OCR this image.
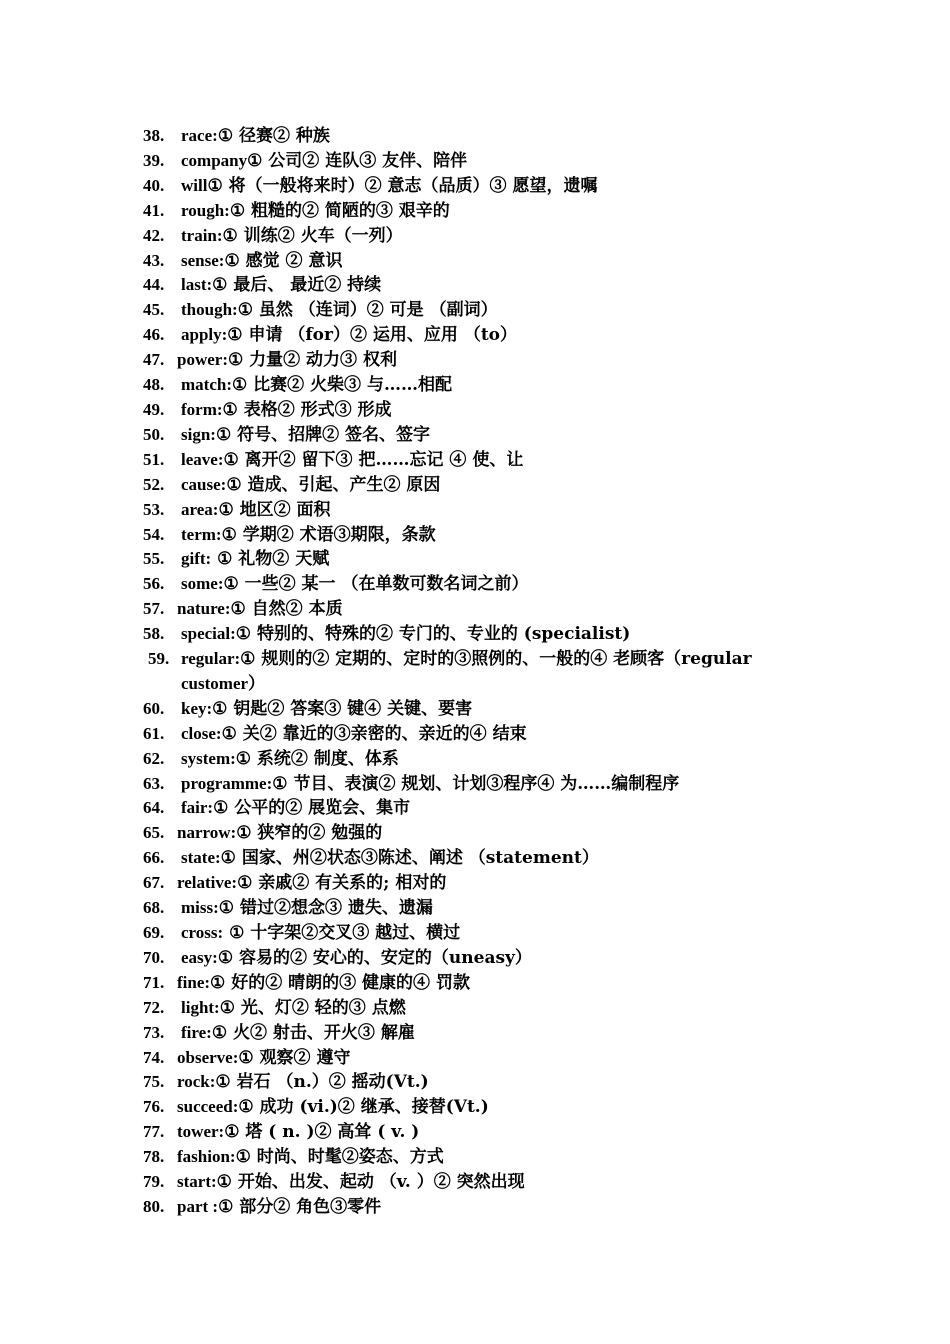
38. race:① 径赛② 种族
39. company① 公司② 连队③ 友伴、陪伴
40. will① 将（一般将来时）② 意志（品质）③ 愿望，遗嘱
41. rough:① 粗糙的② 简陋的③ 艰辛的
42. train:① 训练② 火车（一列）
43. sense:① 感觉 ② 意识
44. last:① 最后、 最近② 持续
45. though:① 虽然 （连词）② 可是 （副词）
46. apply:① 申请 （for）② 运用、应用 （to）
47. power:① 力量② 动力③ 权利
48. match:① 比赛② 火柴③ 与……相配
49. form:① 表格② 形式③ 形成
50. sign:① 符号、招牌② 签名、签字
51. leave:① 离开② 留下③ 把……忘记 ④ 使、让
52. cause:① 造成、引起、产生② 原因
53. area:① 地区② 面积
54. term:① 学期② 术语③期限，条款
55. gift: ① 礼物② 天赋
56. some:① 一些② 某一 （在单数可数名词之前）
57. nature:① 自然② 本质
58. special:① 特别的、特殊的② 专门的、专业的 (specialist)
59. regular:① 规则的② 定期的、定时的③照例的、一般的④ 老顾客（regular
customer）
60. key:① 钥匙② 答案③ 键④ 关键、要害
61. close:① 关② 靠近的③亲密的、亲近的④ 结束
62. system:① 系统② 制度、体系
63. programme:① 节目、表演② 规划、计划③程序④ 为……编制程序
64. fair:① 公平的② 展览会、集市
65. narrow:① 狭窄的② 勉强的
66. state:① 国家、州②状态③陈述、阐述 （statement）
67. relative:① 亲戚② 有关系的; 相对的
68. miss:① 错过②想念③ 遗失、遗漏
69. cross: ① 十字架②交叉③ 越过、横过
70. easy:① 容易的② 安心的、安定的（uneasy）
71. fine:① 好的② 晴朗的③ 健康的④ 罚款
72. light:① 光、灯② 轻的③ 点燃
73. fire:① 火② 射击、开火③ 解雇
74. observe:① 观察② 遵守
75. rock:① 岩石 （n.）② 摇动(Vt.)
76. succeed:① 成功 (vi.)② 继承、接替(Vt.)
77. tower:① 塔 ( n. )② 高耸 ( v. )
78. fashion:① 时尚、时髦②姿态、方式
79. start:① 开始、出发、起动 （v. ）② 突然出现
80. part :① 部分② 角色③零件
